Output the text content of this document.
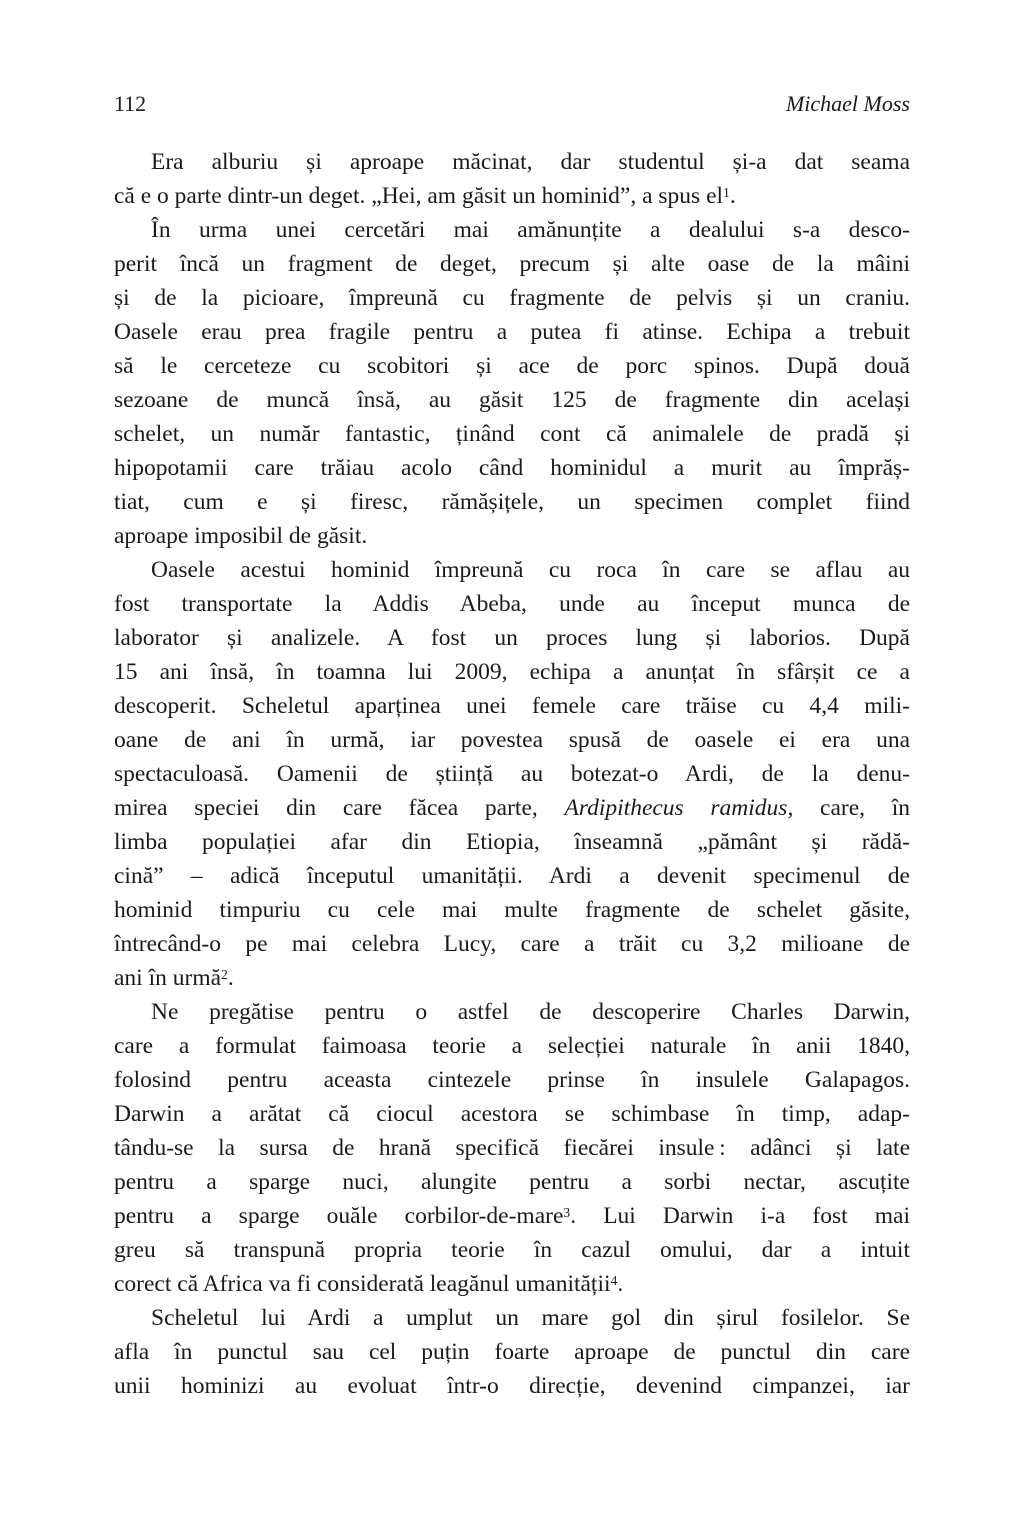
112	Michael Moss
Era alburiu și aproape măcinat, dar studentul și-a dat seama
că e o parte dintr-un deget. „Hei, am găsit un hominid”, a spus $el^1$.
În urma unei cercetări mai amănunțite a dealului s-a desco-
perit încă un fragment de deget, precum și alte oase de la mâini
și de la picioare, împreună cu fragmente de pelvis și un craniu.
Oasele erau prea fragile pentru a putea fi atinse. Echipa a trebuit
să le cerceteze cu scobitori și ace de porc spinos. După două
sezoane de muncă însă, au găsit 125 de fragmente din același
schelet, un număr fantastic, ținând cont că animalele de pradă și
hipopotamii care trăiau acolo când hominidul a murit au împrăș-
tiat, cum e și firesc, rămășițele, un specimen complet fiind
aproape imposibil de găsit.
Oasele acestui hominid împreună cu roca în care se aflau au
fost transportate la Addis Abeba, unde au început munca de
laborator și analizele. A fost un proces lung și laborios. După
15 ani însă, în toamna lui 2009, echipa a anunțat în sfârșit ce a
descoperit. Scheletul aparținea unei femele care trăise cu 4,4 mili-
oane de ani în urmă, iar povestea spusă de oasele ei era una
spectaculoasă. Oamenii de știință au botezat-o Ardi, de la denu-
mirea speciei din care făcea parte, Ardipithecus ramidus, care, în
limba populației afar din Etiopia, înseamnă „pământ și rădă-
cină” – adică începutul umanității. Ardi a devenit specimenul de
hominid timpuriu cu cele mai multe fragmente de schelet găsite,
întrecând-o pe mai celebra Lucy, care a trăit cu 3,2 milioane de
ani în urmă$^2$.
Ne pregătise pentru o astfel de descoperire Charles Darwin,
care a formulat faimoasa teorie a selecției naturale în anii 1840,
folosind pentru aceasta cintezele prinse în insulele Galapagos.
Darwin a arătat că ciocul acestora se schimbase în timp, adap-
tându-se la sursa de hrană specifică fiecărei insule : adânci și late
pentru a sparge nuci, alungite pentru a sorbi nectar, ascuțite
pentru a sparge ouăle corbilor-de-mare$^3$. Lui Darwin i-a fost mai
greu să transpună propria teorie în cazul omului, dar a intuit
corect că Africa va fi considerată leagănul umanității$^4$.
Scheletul lui Ardi a umplut un mare gol din șirul fosilelor. Se
afla în punctul sau cel puțin foarte aproape de punctul din care
unii hominizi au evoluat într-o direcție, devenind cimpanzei, iar
